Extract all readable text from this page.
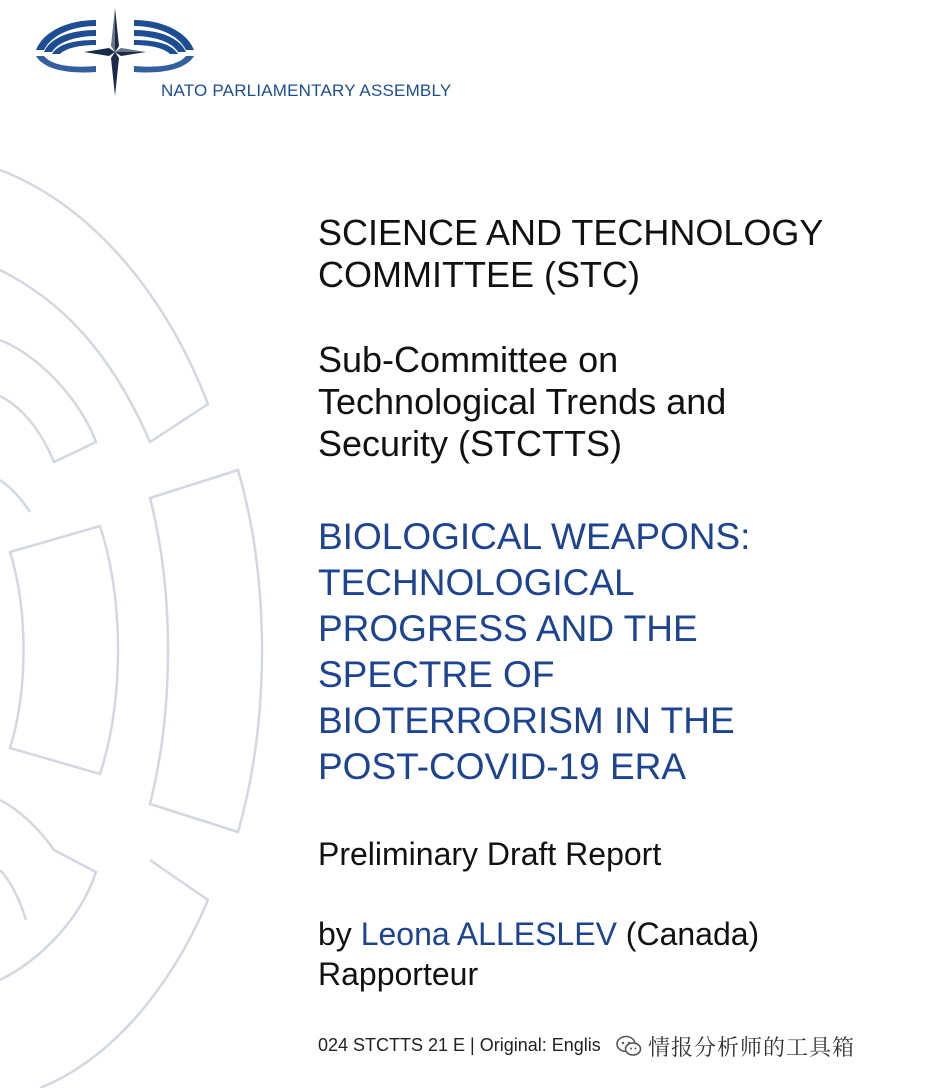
NATO PARLIAMENTARY ASSEMBLY
SCIENCE AND TECHNOLOGY
COMMITTEE (STC)
Sub-Committee on
Technological Trends and
Security (STCTTS)
BIOLOGICAL WEAPONS:
TECHNOLOGICAL
PROGRESS AND THE
SPECTRE OF
BIOTERRORISM IN THE
POST-COVID-19 ERA
Preliminary Draft Report
by Leona ALLESLEV (Canada)
Rapporteur
024 STCTTS 21 E | Original: Englis 情报分析师的工具箱
